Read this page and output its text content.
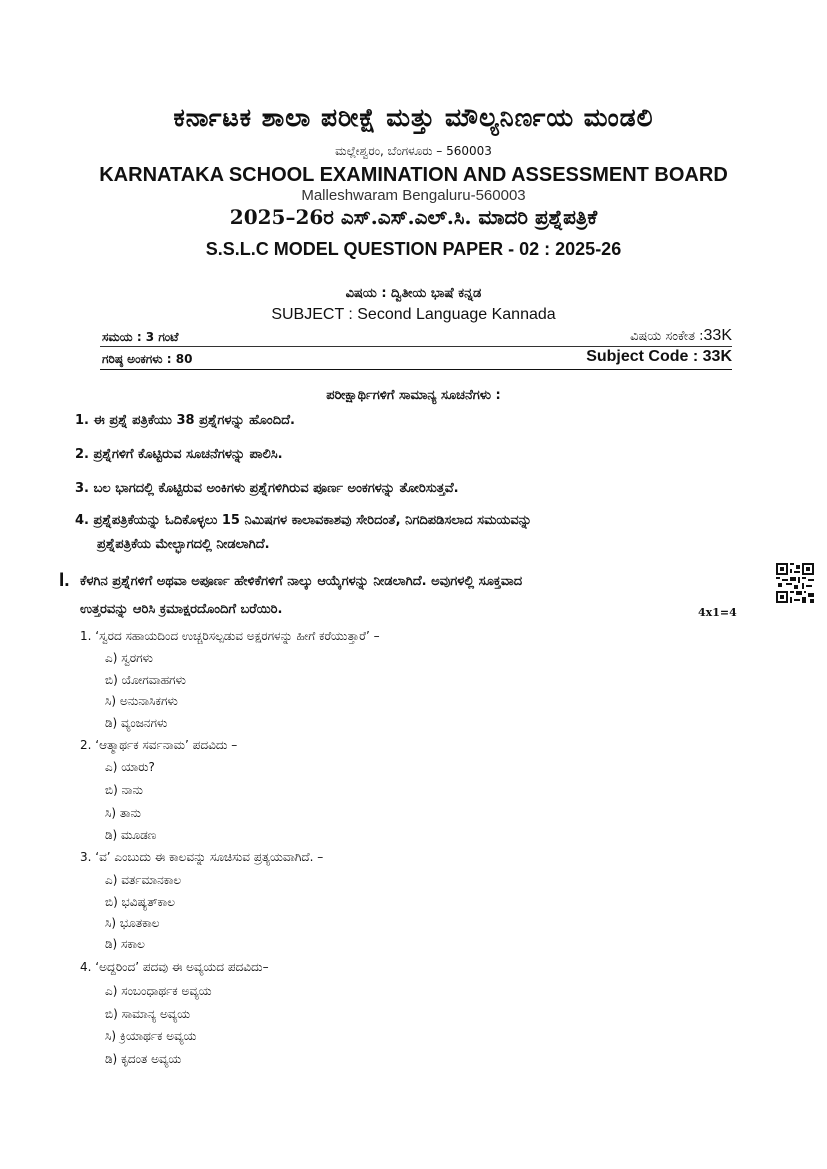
ಕರ್ನಾಟಕ ಶಾಲಾ ಪರೀಕ್ಷೆ ಮತ್ತು ಮೌಲ್ಯನಿರ್ಣಯ ಮಂಡಲಿ
ಮಲ್ಲೇಶ್ವರಂ, ಬೆಂಗಳೂರು – 560003
KARNATAKA SCHOOL EXAMINATION AND ASSESSMENT BOARD
Malleshwaram Bengaluru-560003
2025–26ರ ಎಸ್.ಎಸ್.ಎಲ್.ಸಿ. ಮಾದರಿ ಪ್ರಶ್ನೆಪತ್ರಿಕೆ
S.S.L.C MODEL QUESTION PAPER - 02 : 2025-26
ವಿಷಯ : ದ್ವಿತೀಯ ಭಾಷೆ ಕನ್ನಡ
SUBJECT : Second Language Kannada
ಸಮಯ : 3 ಗಂಟೆ	ವಿಷಯ ಸಂಕೇತ :33K
ಗರಿಷ್ಠ ಅಂಕಗಳು : 80	Subject Code : 33K
ಪರೀಕ್ಷಾರ್ಥಿಗಳಿಗೆ ಸಾಮಾನ್ಯ ಸೂಚನೆಗಳು :
1. ಈ ಪ್ರಶ್ನೆ ಪತ್ರಿಕೆಯು 38 ಪ್ರಶ್ನೆಗಳನ್ನು ಹೊಂದಿದೆ.
2. ಪ್ರಶ್ನೆಗಳಿಗೆ ಕೊಟ್ಟಿರುವ ಸೂಚನೆಗಳನ್ನು ಪಾಲಿಸಿ.
3. ಬಲ ಭಾಗದಲ್ಲಿ ಕೊಟ್ಟಿರುವ ಅಂಕಿಗಳು ಪ್ರಶ್ನೆಗಳಿಗಿರುವ ಪೂರ್ಣ ಅಂಕಗಳನ್ನು ತೋರಿಸುತ್ತವೆ.
4. ಪ್ರಶ್ನೆಪತ್ರಿಕೆಯನ್ನು ಓದಿಕೊಳ್ಳಲು 15 ನಿಮಿಷಗಳ ಕಾಲಾವಕಾಶವು ಸೇರಿದಂತೆ, ನಿಗದಿಪಡಿಸಲಾದ ಸಮಯವನ್ನು
ಪ್ರಶ್ನೆಪತ್ರಿಕೆಯ ಮೇಲ್ಭಾಗದಲ್ಲಿ ನೀಡಲಾಗಿದೆ.
I. ಕೆಳಗಿನ ಪ್ರಶ್ನೆಗಳಿಗೆ ಅಥವಾ ಅಪೂರ್ಣ ಹೇಳಿಕೆಗಳಿಗೆ ನಾಲ್ಕು ಆಯ್ಕೆಗಳನ್ನು ನೀಡಲಾಗಿದೆ. ಅವುಗಳಲ್ಲಿ ಸೂಕ್ತವಾದ
ಉತ್ತರವನ್ನು ಆರಿಸಿ ಕ್ರಮಾಕ್ಷರದೊಂದಿಗೆ ಬರೆಯಿರಿ.	4x1=4
1. ‘ಸ್ವರದ ಸಹಾಯದಿಂದ ಉಚ್ಚರಿಸಲ್ಪಡುವ ಅಕ್ಷರಗಳನ್ನು ಹೀಗೆ ಕರೆಯುತ್ತಾರೆ’ –
ಎ) ಸ್ವರಗಳು
ಬಿ) ಯೋಗವಾಹಗಳು
ಸಿ) ಅನುನಾಸಿಕಗಳು
ಡಿ) ವ್ಯಂಜನಗಳು
2. ‘ಆತ್ಮಾರ್ಥಕ ಸರ್ವನಾಮ’ ಪದವಿದು –
ಎ) ಯಾರು?
ಬಿ) ನಾನು
ಸಿ) ತಾನು
ಡಿ) ಮೂಡಣ
3. ‘ವ’ ಎಂಬುದು ಈ ಕಾಲವನ್ನು ಸೂಚಿಸುವ ಪ್ರತ್ಯಯವಾಗಿದೆ. –
ಎ) ವರ್ತಮಾನಕಾಲ
ಬಿ) ಭವಿಷ್ಯತ್‌ಕಾಲ
ಸಿ) ಭೂತಕಾಲ
ಡಿ) ಸಕಾಲ
4. ‘ಅದ್ದರಿಂದ’ ಪದವು ಈ ಅವ್ಯಯದ ಪದವಿದು–
ಎ) ಸಂಬಂಧಾರ್ಥಕ ಅವ್ಯಯ
ಬಿ) ಸಾಮಾನ್ಯ ಅವ್ಯಯ
ಸಿ) ಕ್ರಿಯಾರ್ಥಕ ಅವ್ಯಯ
ಡಿ) ಕೃದಂತ ಅವ್ಯಯ
